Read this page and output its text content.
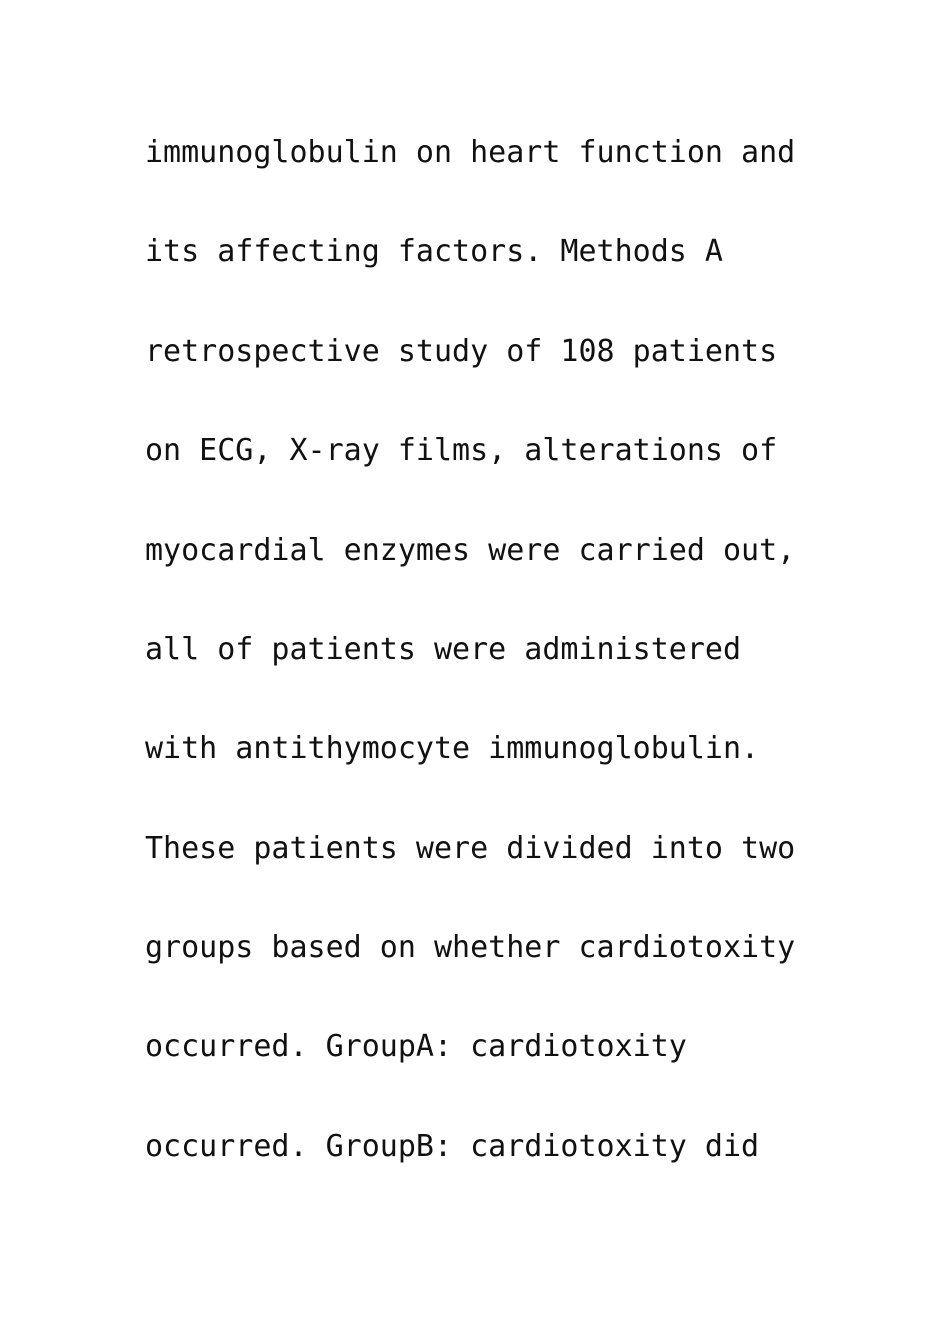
immunoglobulin on heart function and
its affecting factors. Methods A
retrospective study of 108 patients
on ECG, X-ray films, alterations of
myocardial enzymes were carried out,
all of patients were administered
with antithymocyte immunoglobulin.
These patients were divided into two
groups based on whether cardiotoxity
occurred. GroupA: cardiotoxity
occurred. GroupB: cardiotoxity did
